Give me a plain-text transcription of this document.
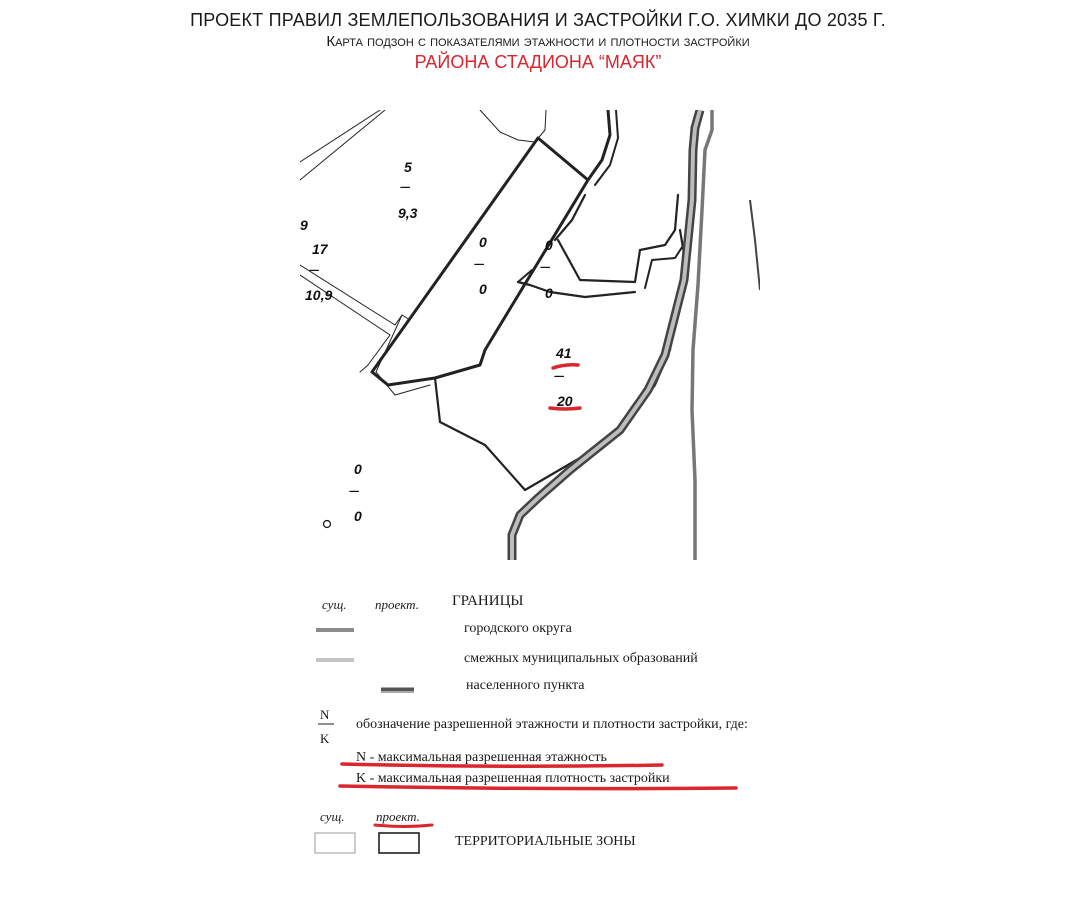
ПРОЕКТ ПРАВИЛ ЗЕМЛЕПОЛЬЗОВАНИЯ И ЗАСТРОЙКИ Г.О. ХИМКИ ДО 2035 Г.
Карта подзон с показателями этажности и плотности застройки
РАЙОНА СТАДИОНА “МАЯК”
5
----
9,3
17
----
10,9
9
0
----
0
0
----
0
41
----
20
0
----
0
сущ. проект. ГРАНИЦЫ
городского округа
смежных муниципальных образований
населенного пункта
N
K
обозначение разрешенной этажности и плотности застройки, где:
N - максимальная разрешенная этажность
K - максимальная разрешенная плотность застройки
сущ. проект.
ТЕРРИТОРИАЛЬНЫЕ ЗОНЫ
